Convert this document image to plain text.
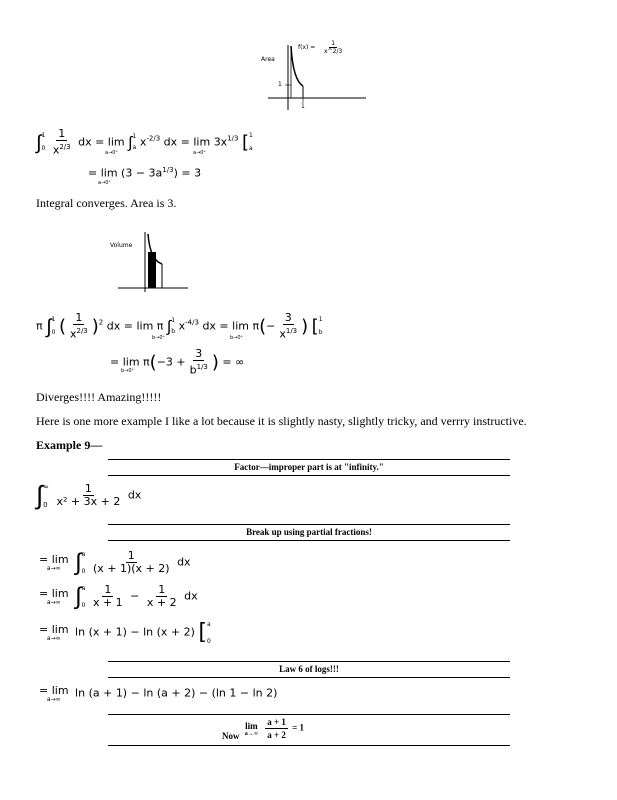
Area
$f(x) = \frac{1}{x\^{}2/3}$
1
1
∫ 1
0
$\frac{1}{x^{2/3}}$ dx = lim ∫ 1
a $x^{-2/3}$ dx = $\lim 3x^{1/3}$ [ 1
a
a→0⁺	a→0⁺
= $\lim (3 - 3a^{1/3}) = 3$
a→0⁺
Integral converges. Area is 3.
Volume
π ∫ 1
0 ( $\frac{1}{x^{2/3}} )^2$ dx = lim π ∫ 1
b $x^{-4/3}$ dx = $\lim \pi(- \frac{3}{x^{1/3}}$ ) [ 1
b
b→0⁺	b→0⁺
= $\lim \pi(-3 + \frac{3}{b^{1/3}}$ ) = ∞
b→0⁺
Diverges!!!! Amazing!!!!!
Here is one more example I like a lot because it is slightly nasty, slightly tricky, and verrry instructive.
Example 9—
Factor—improper part is at "infinity."
∫ ∞
0
$\frac{1}{\text{x² + 3x + 2}}$ dx
Break up using partial fractions!
= lim
a→∞ ∫ a
0
$\frac{1}{(x + 1)(x + 2)}$ dx
= lim
a→∞ ∫ a
0
$\frac{1}{x + 1} - \frac{1}{x + 2}$ dx
= lim
a→∞ ln (x + 1) − ln (x + 2) [ a
0
Law 6 of logs!!!
= lim
a→∞ ln (a + 1) − ln (a + 2) − (ln 1 − ln 2)
Now
lim
a→∞
$\frac{a + 1}{a + 2} = 1$
